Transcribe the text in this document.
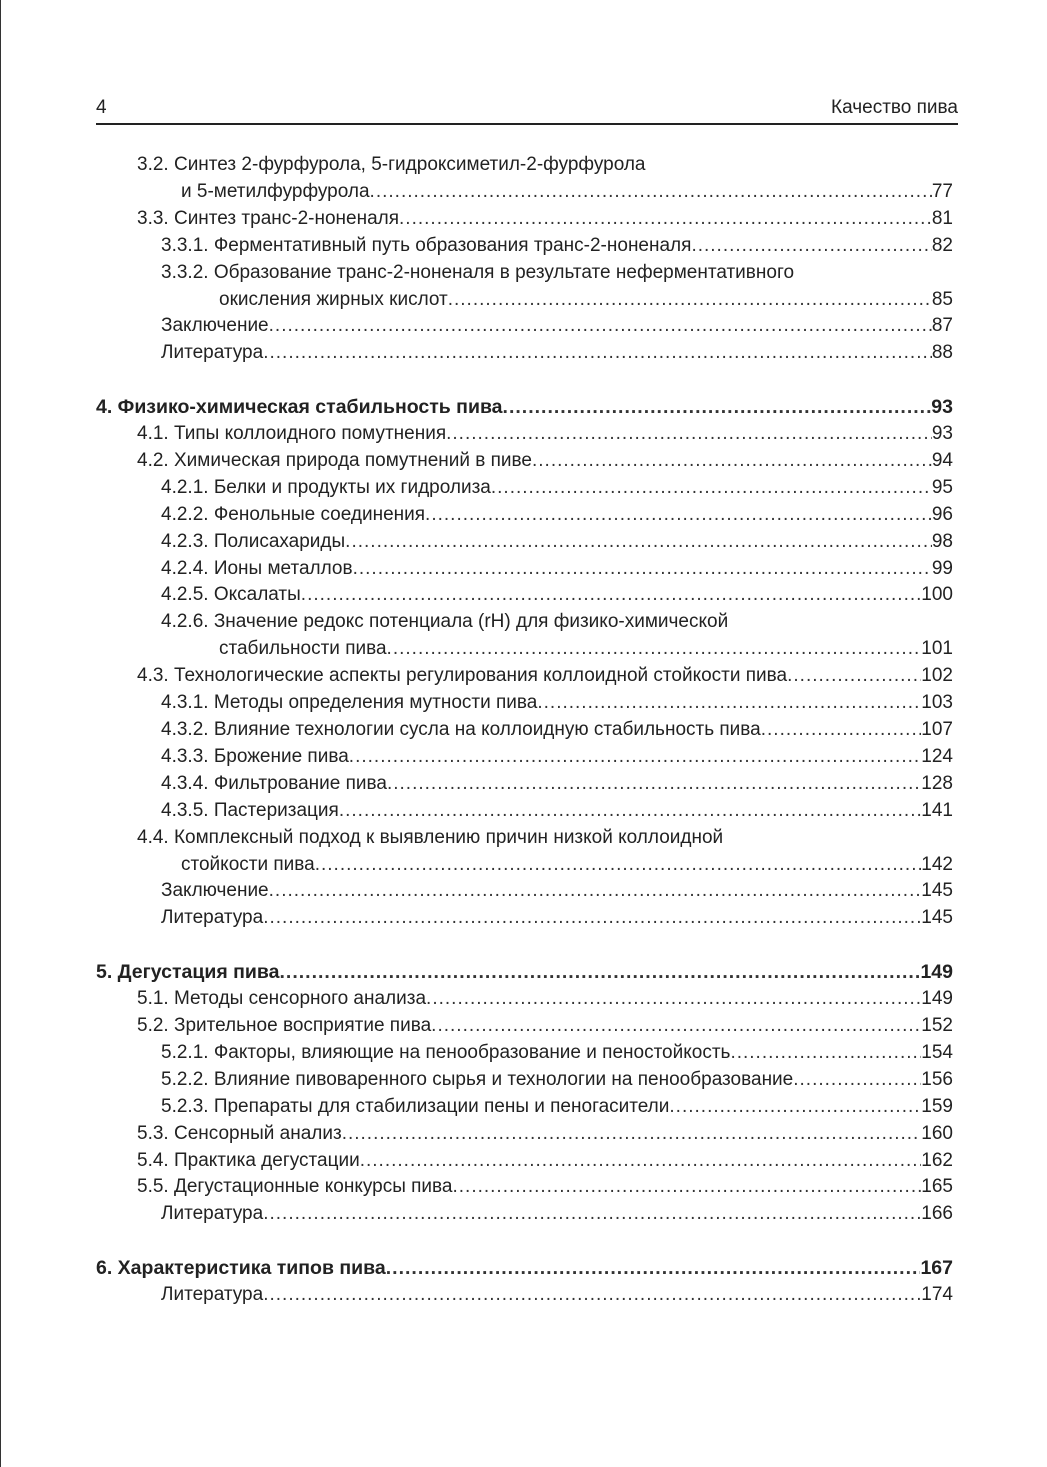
4	Качество пива
3.2. Синтез 2-фурфурола, 5-гидроксиметил-2-фурфурола
и 5-метилфурфурола .....	77
3.3. Синтез транс-2-ноненаля .....	81
3.3.1. Ферментативный путь образования транс-2-ноненаля .....	82
3.3.2. Образование транс-2-ноненаля в результате неферментативного
окисления жирных кислот .....	85
Заключение .....	87
Литература .....	88
4. Физико-химическая стабильность пива .....	93
4.1. Типы коллоидного помутнения .....	93
4.2. Химическая природа помутнений в пиве .....	94
4.2.1. Белки и продукты их гидролиза .....	95
4.2.2. Фенольные соединения .....	96
4.2.3. Полисахариды .....	98
4.2.4. Ионы металлов .....	99
4.2.5. Оксалаты .....	100
4.2.6. Значение редокс потенциала (rH) для физико-химической
стабильности пива .....	101
4.3. Технологические аспекты регулирования коллоидной стойкости пива .....	102
4.3.1. Методы определения мутности пива .....	103
4.3.2. Влияние технологии сусла на коллоидную стабильность пива .....	107
4.3.3. Брожение пива .....	124
4.3.4. Фильтрование пива .....	128
4.3.5. Пастеризация .....	141
4.4. Комплексный подход к выявлению причин низкой коллоидной
стойкости пива .....	142
Заключение .....	145
Литература .....	145
5. Дегустация пива .....	149
5.1. Методы сенсорного анализа .....	149
5.2. Зрительное восприятие пива .....	152
5.2.1. Факторы, влияющие на пенообразование и пеностойкость .....	154
5.2.2. Влияние пивоваренного сырья и технологии на пенообразование .....	156
5.2.3. Препараты для стабилизации пены и пеногасители .....	159
5.3. Сенсорный анализ .....	160
5.4. Практика дегустации .....	162
5.5. Дегустационные конкурсы пива .....	165
Литература .....	166
6. Характеристика типов пива .....	167
Литература .....	174
